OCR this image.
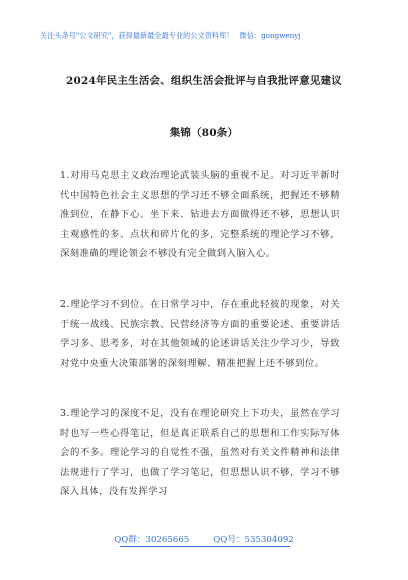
关注头条号"公文研究"，获得最新最全最专业的公文资料库！ 微信：gongwenyj
2024年民主生活会、组织生活会批评与自我批评意见建议
集锦（80条）

1.对用马克思主义政治理论武装头脑的重视不足。对习近平新时代中国特色社会主义思想的学习还不够全面系统，把握还不够精准到位，在静下心、坐下来、钻进去方面做得还不够，思想认识主观感性的多、点状和碎片化的多，完整系统的理论学习不够，深刻准确的理论领会不够没有完全做到入脑入心。

2.理论学习不到位。在日常学习中，存在重此轻彼的现象，对关于统一战线、民族宗教、民营经济等方面的重要论述、重要讲话学习多、思考多，对在其他领域的论述讲话关注少学习少，导致对党中央重大决策部署的深刻理解、精准把握上还不够到位。

3.理论学习的深度不足，没有在理论研究上下功夫，虽然在学习时也写一些心得笔记，但是真正联系自己的思想和工作实际写体会的不多。理论学习的自觉性不强，虽然对有关文件精神和法律法规进行了学习，也做了学习笔记，但思想认识不够，学习不够深入具体，没有发挥学习

QQ群：30265665	QQ号：535304092
